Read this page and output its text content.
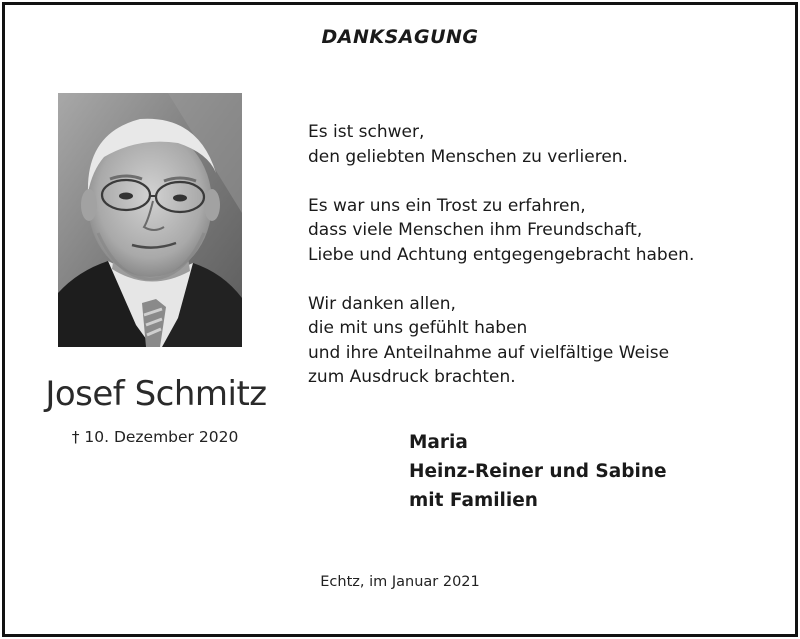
DANKSAGUNG
Josef Schmitz
† 10. Dezember 2020
Es ist schwer,
den geliebten Menschen zu verlieren.
Es war uns ein Trost zu erfahren,
dass viele Menschen ihm Freundschaft,
Liebe und Achtung entgegengebracht haben.
Wir danken allen,
die mit uns gefühlt haben
und ihre Anteilnahme auf vielfältige Weise
zum Ausdruck brachten.
Maria
Heinz-Reiner und Sabine
mit Familien
Echtz, im Januar 2021
